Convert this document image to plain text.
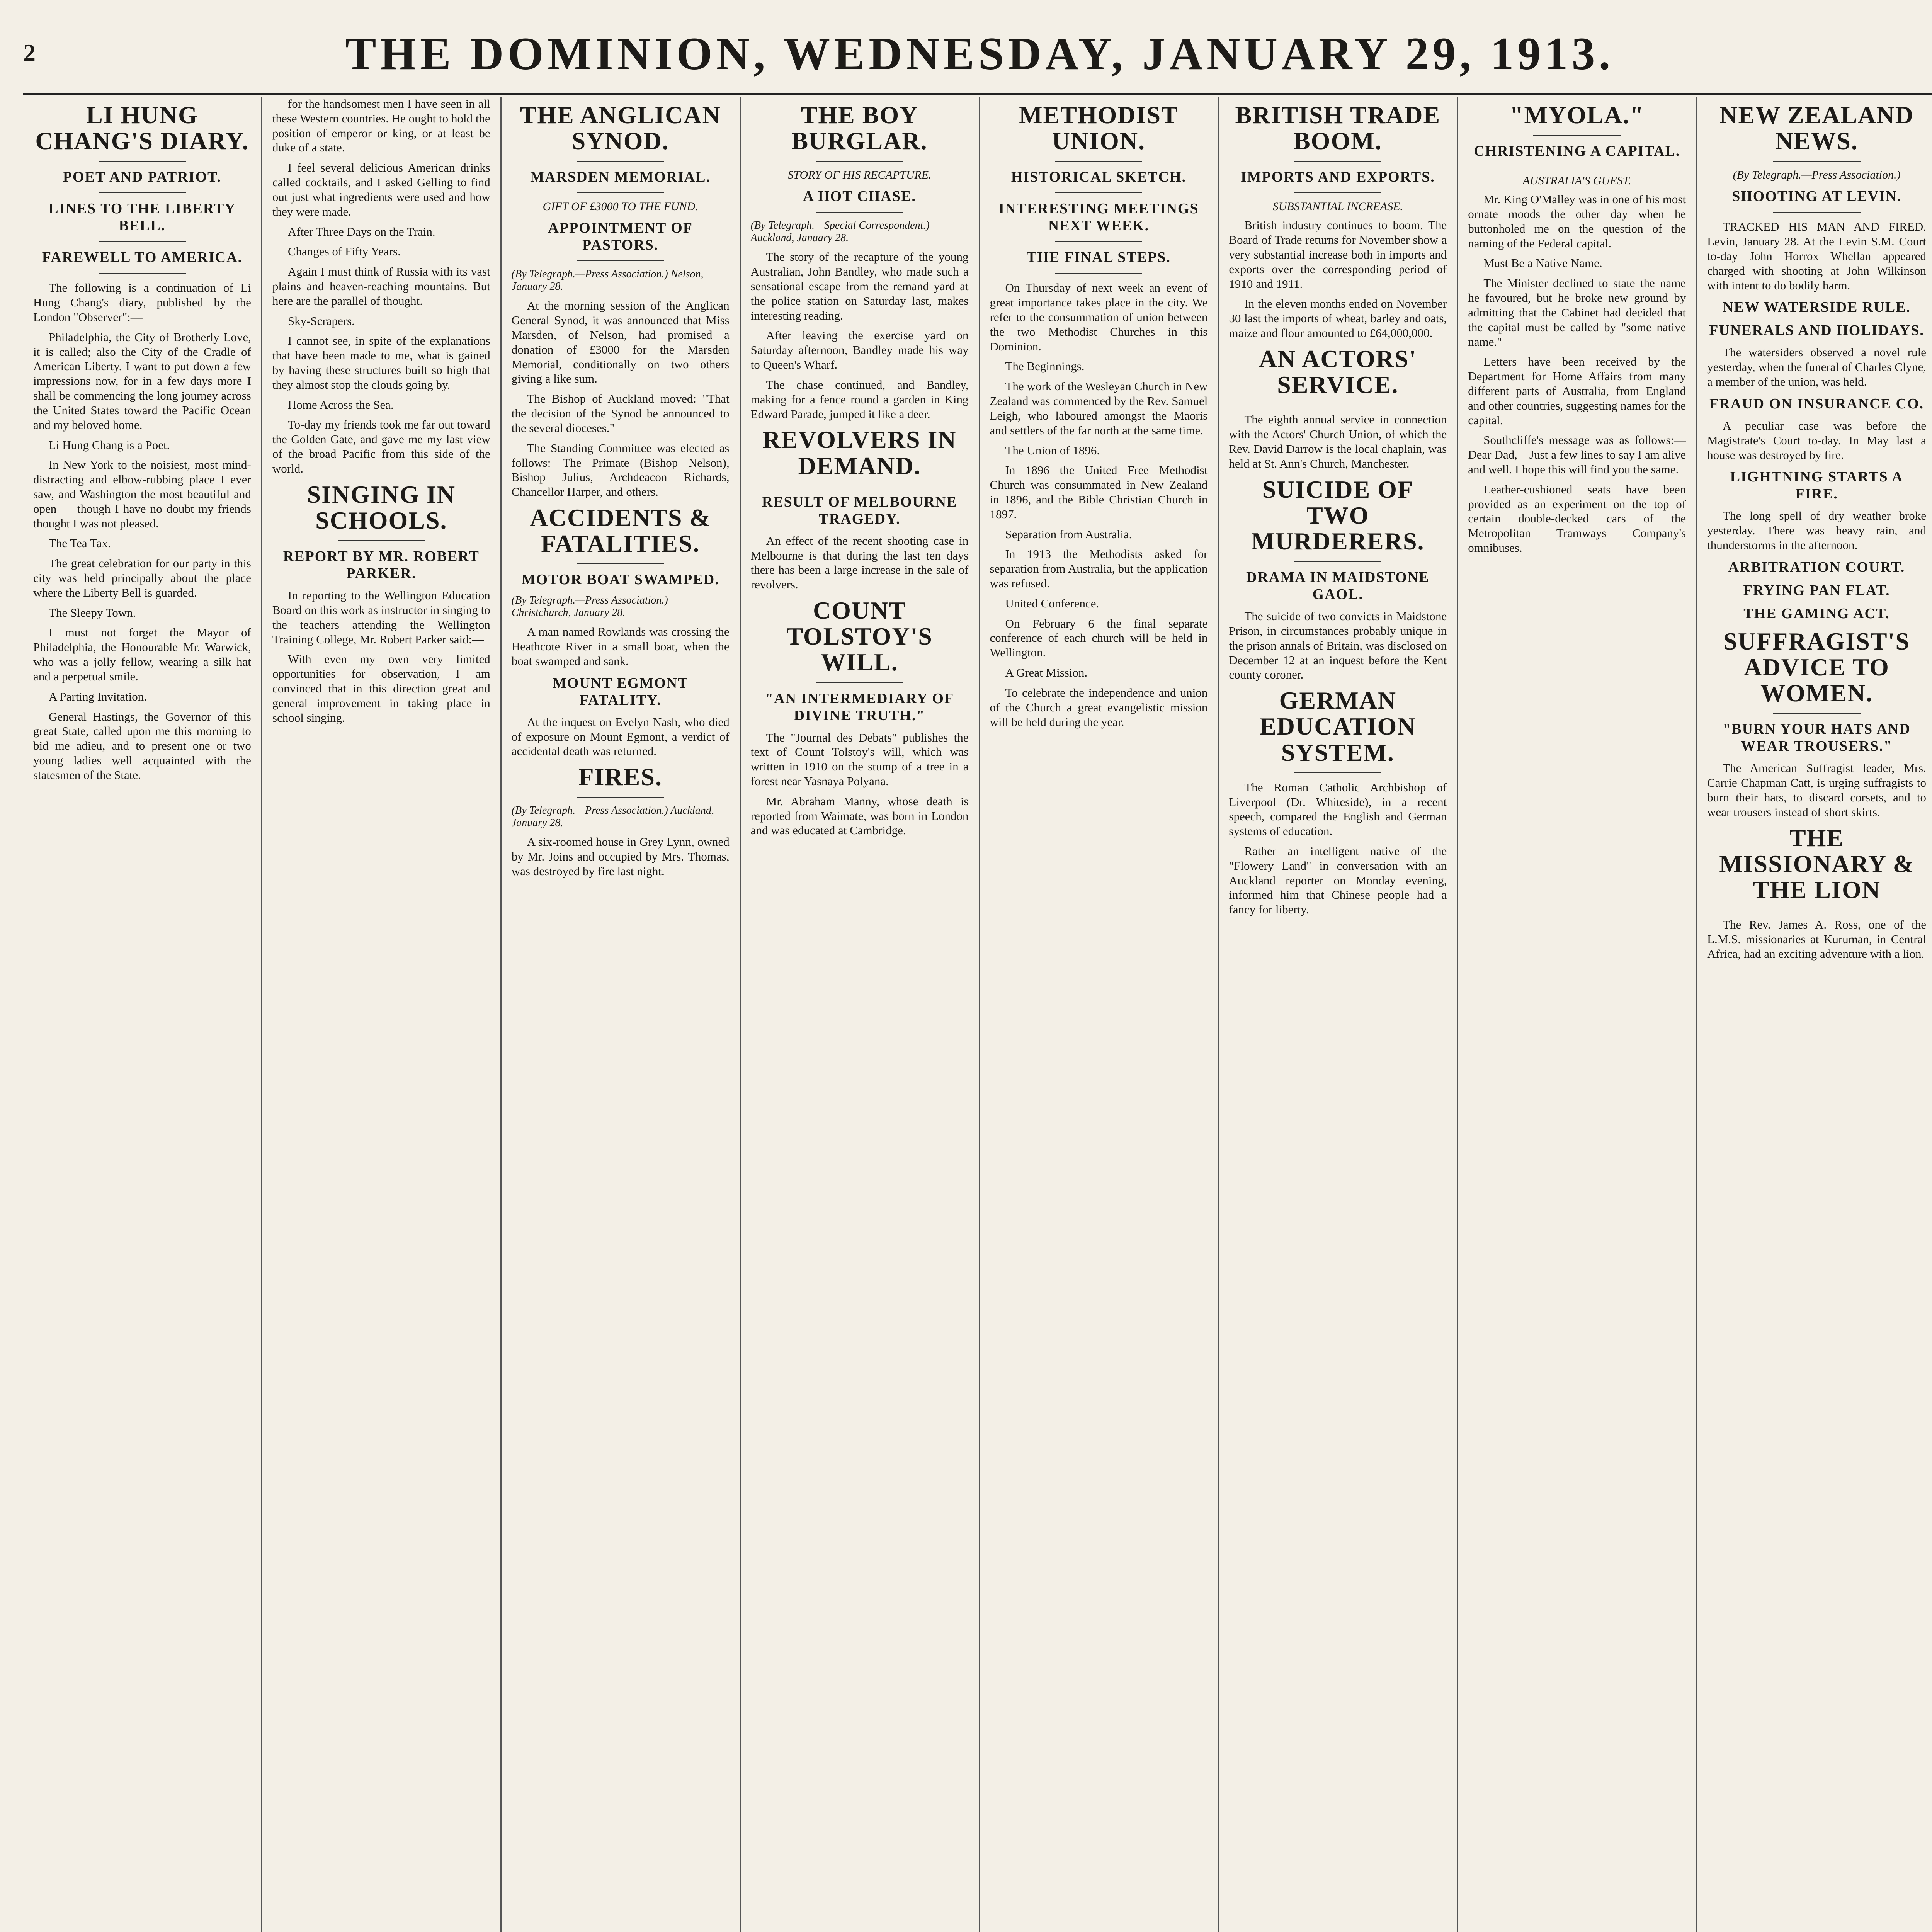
2	THE DOMINION, WEDNESDAY, JANUARY 29, 1913.
LI HUNG CHANG'S DIARY.
POET AND PATRIOT.
LINES TO THE LIBERTY BELL.
FAREWELL TO AMERICA.
The following is a continuation of Li Hung Chang's diary, published by the London "Observer":—
Philadelphia, the City of Brotherly Love, it is called; also the City of the Cradle of American Liberty. I want to put down a few impressions now, for in a few days more I shall be commencing the long journey across the United States toward the Pacific Ocean and my beloved home.
Li Hung Chang is a Poet.
In New York to the noisiest, most mind-distracting and elbow-rubbing place I ever saw, and Washington the most beautiful and open — though I have no doubt my friends thought I was not pleased.
The Tea Tax.
The great celebration for our party in this city was held principally about the place where the Liberty Bell is guarded.
The Sleepy Town.
I must not forget the Mayor of Philadelphia, the Honourable Mr. Warwick, who was a jolly fellow, wearing a silk hat and a perpetual smile.
A Parting Invitation.
General Hastings, the Governor of this great State, called upon me this morning to bid me adieu, and to present one or two young ladies well acquainted with the statesmen of the State.
for the handsomest men I have seen in all these Western countries. He ought to hold the position of emperor or king, or at least be duke of a state.
I feel several delicious American drinks called cocktails, and I asked Gelling to find out just what ingredients were used and how they were made.
After Three Days on the Train.
Changes of Fifty Years.
Again I must think of Russia with its vast plains and heaven-reaching mountains. But here are the parallel of thought.
Sky-Scrapers.
I cannot see, in spite of the explanations that have been made to me, what is gained by having these structures built so high that they almost stop the clouds going by.
Home Across the Sea.
To-day my friends took me far out toward the Golden Gate, and gave me my last view of the broad Pacific from this side of the world.
SINGING IN SCHOOLS.
REPORT BY MR. ROBERT PARKER.
In reporting to the Wellington Education Board on this work as instructor in singing to the teachers attending the Wellington Training College, Mr. Robert Parker said:—
With even my own very limited opportunities for observation, I am convinced that in this direction great and general improvement in taking place in school singing.
THE ANGLICAN SYNOD.
MARSDEN MEMORIAL.
GIFT OF £3000 TO THE FUND.
APPOINTMENT OF PASTORS.
(By Telegraph.—Press Association.) Nelson, January 28.
At the morning session of the Anglican General Synod, it was announced that Miss Marsden, of Nelson, had promised a donation of £3000 for the Marsden Memorial, conditionally on two others giving a like sum.
The Bishop of Auckland moved: "That the decision of the Synod be announced to the several dioceses."
The Standing Committee was elected as follows:—The Primate (Bishop Nelson), Bishop Julius, Archdeacon Richards, Chancellor Harper, and others.
ACCIDENTS & FATALITIES.
MOTOR BOAT SWAMPED.
(By Telegraph.—Press Association.) Christchurch, January 28.
A man named Rowlands was crossing the Heathcote River in a small boat, when the boat swamped and sank.
MOUNT EGMONT FATALITY.
At the inquest on Evelyn Nash, who died of exposure on Mount Egmont, a verdict of accidental death was returned.
FIRES.
(By Telegraph.—Press Association.) Auckland, January 28.
A six-roomed house in Grey Lynn, owned by Mr. Joins and occupied by Mrs. Thomas, was destroyed by fire last night.
THE BOY BURGLAR.
STORY OF HIS RECAPTURE.
A HOT CHASE.
(By Telegraph.—Special Correspondent.) Auckland, January 28.
The story of the recapture of the young Australian, John Bandley, who made such a sensational escape from the remand yard at the police station on Saturday last, makes interesting reading.
After leaving the exercise yard on Saturday afternoon, Bandley made his way to Queen's Wharf.
The chase continued, and Bandley, making for a fence round a garden in King Edward Parade, jumped it like a deer.
REVOLVERS IN DEMAND.
RESULT OF MELBOURNE TRAGEDY.
An effect of the recent shooting case in Melbourne is that during the last ten days there has been a large increase in the sale of revolvers.
COUNT TOLSTOY'S WILL.
"AN INTERMEDIARY OF DIVINE TRUTH."
The "Journal des Debats" publishes the text of Count Tolstoy's will, which was written in 1910 on the stump of a tree in a forest near Yasnaya Polyana.
Mr. Abraham Manny, whose death is reported from Waimate, was born in London and was educated at Cambridge.
METHODIST UNION.
HISTORICAL SKETCH.
INTERESTING MEETINGS NEXT WEEK.
THE FINAL STEPS.
On Thursday of next week an event of great importance takes place in the city. We refer to the consummation of union between the two Methodist Churches in this Dominion.
The Beginnings.
The work of the Wesleyan Church in New Zealand was commenced by the Rev. Samuel Leigh, who laboured amongst the Maoris and settlers of the far north at the same time.
The Union of 1896.
In 1896 the United Free Methodist Church was consummated in New Zealand in 1896, and the Bible Christian Church in 1897.
Separation from Australia.
In 1913 the Methodists asked for separation from Australia, but the application was refused.
United Conference.
On February 6 the final separate conference of each church will be held in Wellington.
A Great Mission.
To celebrate the independence and union of the Church a great evangelistic mission will be held during the year.
BRITISH TRADE BOOM.
IMPORTS AND EXPORTS.
SUBSTANTIAL INCREASE.
British industry continues to boom. The Board of Trade returns for November show a very substantial increase both in imports and exports over the corresponding period of 1910 and 1911.
In the eleven months ended on November 30 last the imports of wheat, barley and oats, maize and flour amounted to £64,000,000.
AN ACTORS' SERVICE.
The eighth annual service in connection with the Actors' Church Union, of which the Rev. David Darrow is the local chaplain, was held at St. Ann's Church, Manchester.
SUICIDE OF TWO MURDERERS.
DRAMA IN MAIDSTONE GAOL.
The suicide of two convicts in Maidstone Prison, in circumstances probably unique in the prison annals of Britain, was disclosed on December 12 at an inquest before the Kent county coroner.
GERMAN EDUCATION SYSTEM.
The Roman Catholic Archbishop of Liverpool (Dr. Whiteside), in a recent speech, compared the English and German systems of education.
Rather an intelligent native of the "Flowery Land" in conversation with an Auckland reporter on Monday evening, informed him that Chinese people had a fancy for liberty.
"MYOLA."
CHRISTENING A CAPITAL.
AUSTRALIA'S GUEST.
Mr. King O'Malley was in one of his most ornate moods the other day when he buttonholed me on the question of the naming of the Federal capital.
Must Be a Native Name.
The Minister declined to state the name he favoured, but he broke new ground by admitting that the Cabinet had decided that the capital must be called by "some native name."
Letters have been received by the Department for Home Affairs from many different parts of Australia, from England and other countries, suggesting names for the capital.
Southcliffe's message was as follows:—Dear Dad,—Just a few lines to say I am alive and well. I hope this will find you the same.
Leather-cushioned seats have been provided as an experiment on the top of certain double-decked cars of the Metropolitan Tramways Company's omnibuses.
NEW ZEALAND NEWS.
(By Telegraph.—Press Association.)
SHOOTING AT LEVIN.
TRACKED HIS MAN AND FIRED. Levin, January 28. At the Levin S.M. Court to-day John Horrox Whellan appeared charged with shooting at John Wilkinson with intent to do bodily harm.
NEW WATERSIDE RULE.
FUNERALS AND HOLIDAYS.
The watersiders observed a novel rule yesterday, when the funeral of Charles Clyne, a member of the union, was held.
FRAUD ON INSURANCE CO.
A peculiar case was before the Magistrate's Court to-day. In May last a house was destroyed by fire.
LIGHTNING STARTS A FIRE.
The long spell of dry weather broke yesterday. There was heavy rain, and thunderstorms in the afternoon.
ARBITRATION COURT.
FRYING PAN FLAT.
THE GAMING ACT.
SUFFRAGIST'S ADVICE TO WOMEN.
"BURN YOUR HATS AND WEAR TROUSERS."
The American Suffragist leader, Mrs. Carrie Chapman Catt, is urging suffragists to burn their hats, to discard corsets, and to wear trousers instead of short skirts.
THE MISSIONARY & THE LION
The Rev. James A. Ross, one of the L.M.S. missionaries at Kuruman, in Central Africa, had an exciting adventure with a lion.
